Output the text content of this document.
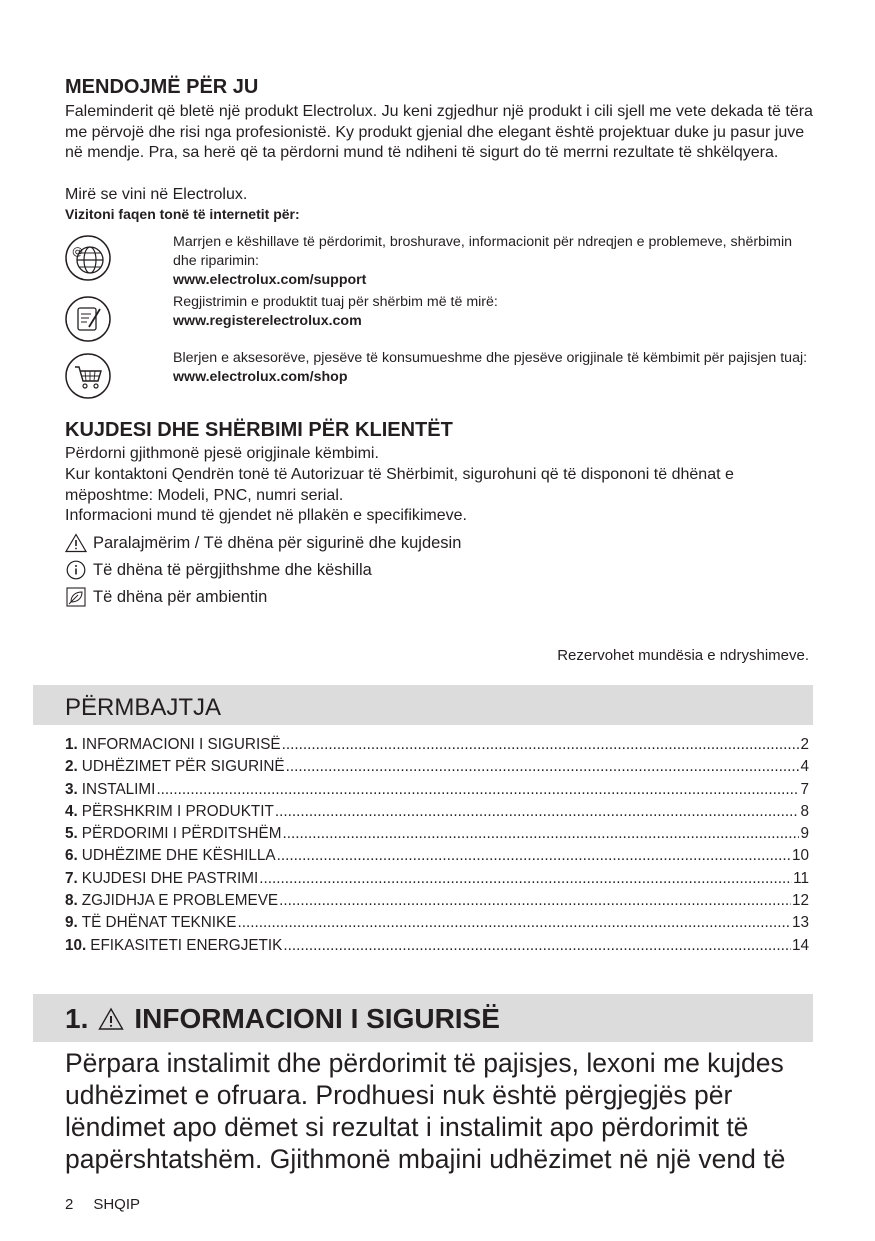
MENDOJMË PËR JU

Faleminderit që bletë një produkt Electrolux. Ju keni zgjedhur një produkt i cili sjell me vete dekada të tëra me përvojë dhe risi nga profesionistë. Ky produkt gjenial dhe elegant është projektuar duke ju pasur juve në mendje. Pra, sa herë që ta përdorni mund të ndiheni të sigurt do të merrni rezultate të shkëlqyera.

Mirë se vini në Electrolux.

Vizitoni faqen tonë të internetit për:
@

Marrjen e këshillave të përdorimit, broshurave, informacionit për ndreqjen e problemeve, shërbimin dhe riparimin:
www.electrolux.com/support

Regjistrimin e produktit tuaj për shërbim më të mirë:
www.registerelectrolux.com

Blerjen e aksesorëve, pjesëve të konsumueshme dhe pjesëve origjinale të këmbimit për pajisjen tuaj:
www.electrolux.com/shop

KUJDESI DHE SHËRBIMI PËR KLIENTËT

Përdorni gjithmonë pjesë origjinale këmbimi.

Kur kontaktoni Qendrën tonë të Autorizuar të Shërbimit, sigurohuni që të dispononi të dhënat e mëposhtme: Modeli, PNC, numri serial.

Informacioni mund të gjendet në pllakën e specifikimeve.

Paralajmërim / Të dhëna për sigurinë dhe kujdesin
Të dhëna të përgjithshme dhe këshilla
Të dhëna për ambientin
Rezervohet mundësia e ndryshimeve.
PËRMBAJTJA
1. INFORMACIONI I SIGURISË .....	2
2. UDHËZIMET PËR SIGURINË .....	4
3. INSTALIMI .....	7
4. PËRSHKRIM I PRODUKTIT .....	8
5. PËRDORIMI I PËRDITSHËM .....	9
6. UDHËZIME DHE KËSHILLA .....	10
7. KUJDESI DHE PASTRIMI .....	11
8. ZGJIDHJA E PROBLEMEVE .....	12
9. TË DHËNAT TEKNIKE .....	13
10. EFIKASITETI ENERGJETIK .....	14
1. INFORMACIONI I SIGURISË

Përpara instalimit dhe përdorimit të pajisjes, lexoni me kujdes udhëzimet e ofruara. Prodhuesi nuk është përgjegjës për lëndimet apo dëmet si rezultat i instalimit apo përdorimit të papërshtatshëm. Gjithmonë mbajini udhëzimet në një vend të

2 SHQIP
